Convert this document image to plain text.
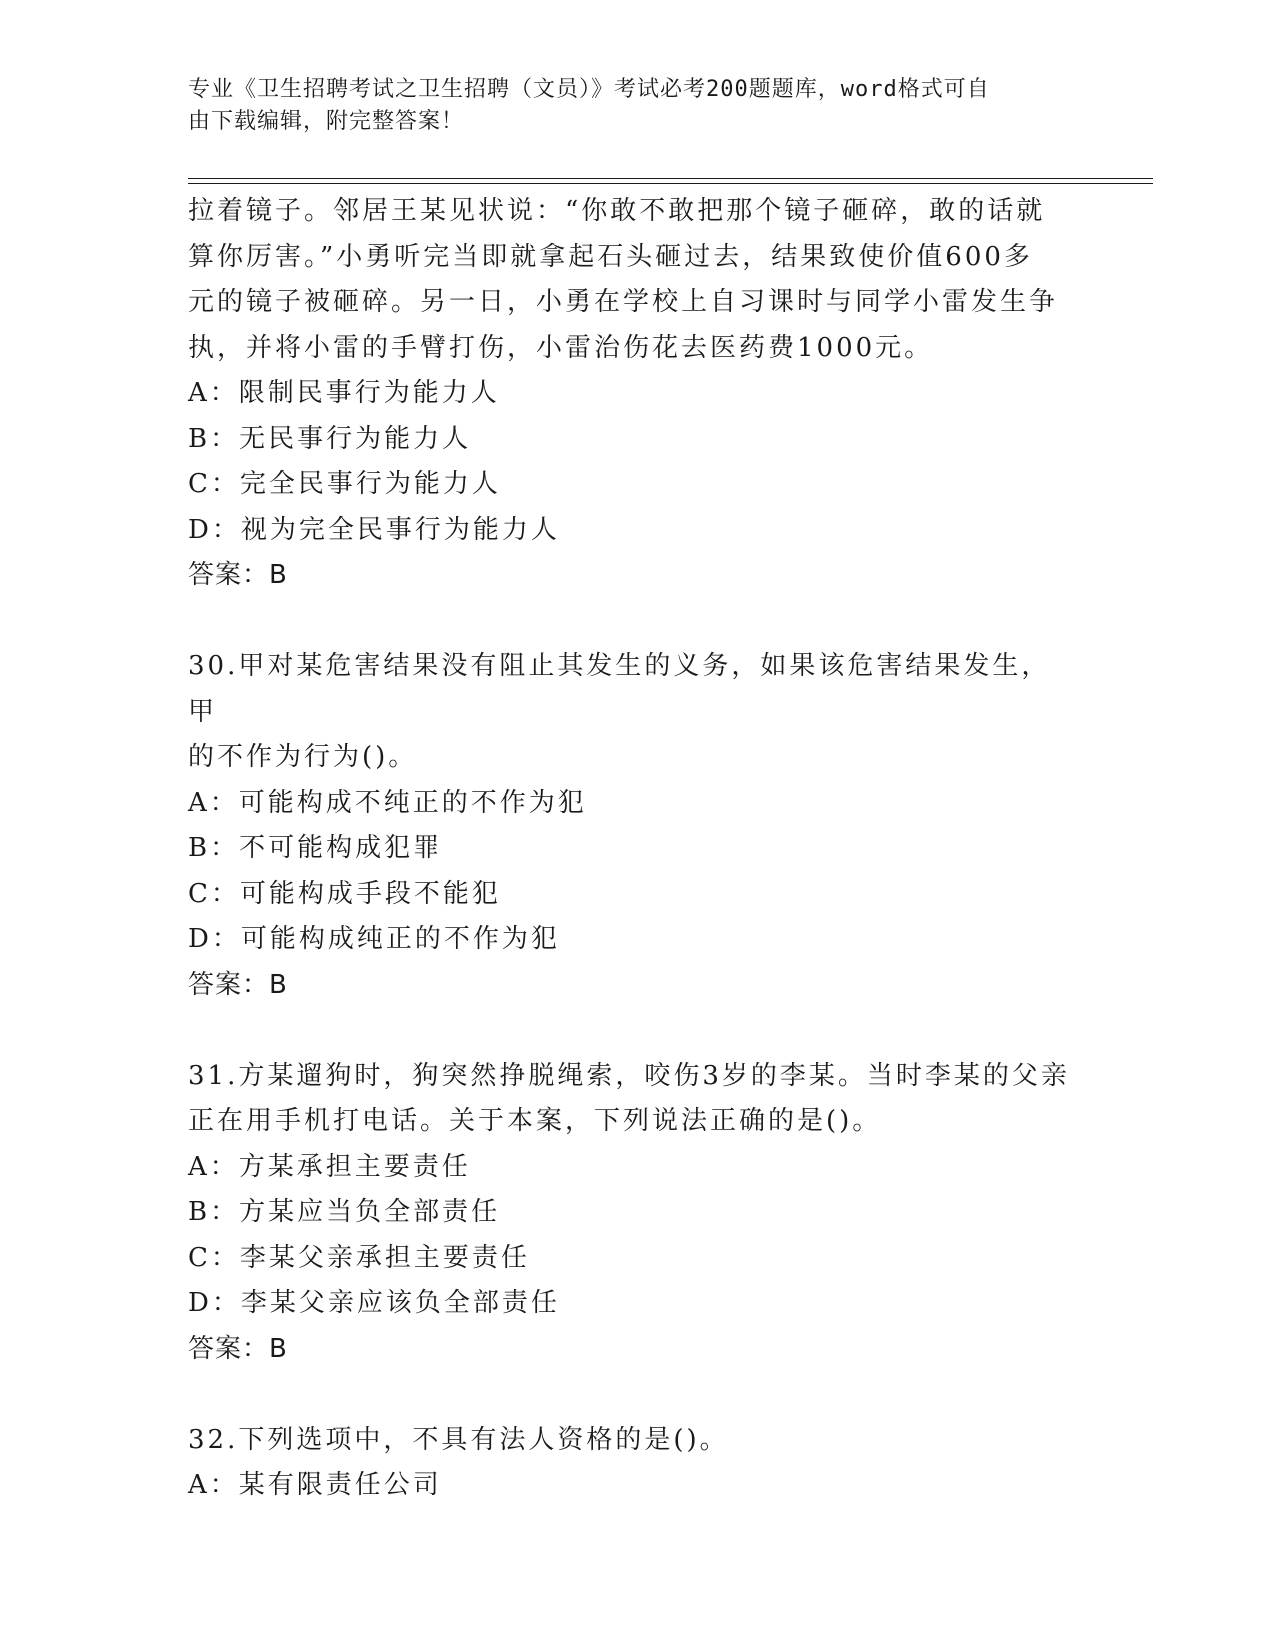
专业《卫生招聘考试之卫生招聘（文员）》考试必考200题题库，word格式可自
由下载编辑，附完整答案！

拉着镜子。邻居王某见状说：“你敢不敢把那个镜子砸碎，敢的话就

算你厉害。”小勇听完当即就拿起石头砸过去，结果致使价值600多

元的镜子被砸碎。另一日，小勇在学校上自习课时与同学小雷发生争

执，并将小雷的手臂打伤，小雷治伤花去医药费1000元。

A：限制民事行为能力人

B：无民事行为能力人

C：完全民事行为能力人

D：视为完全民事行为能力人

答案：B

30.甲对某危害结果没有阻止其发生的义务，如果该危害结果发生，甲

的不作为行为()。

A：可能构成不纯正的不作为犯

B：不可能构成犯罪

C：可能构成手段不能犯

D：可能构成纯正的不作为犯

答案：B

31.方某遛狗时，狗突然挣脱绳索，咬伤3岁的李某。当时李某的父亲

正在用手机打电话。关于本案，下列说法正确的是()。

A：方某承担主要责任

B：方某应当负全部责任

C：李某父亲承担主要责任

D：李某父亲应该负全部责任

答案：B

32.下列选项中，不具有法人资格的是()。

A：某有限责任公司
